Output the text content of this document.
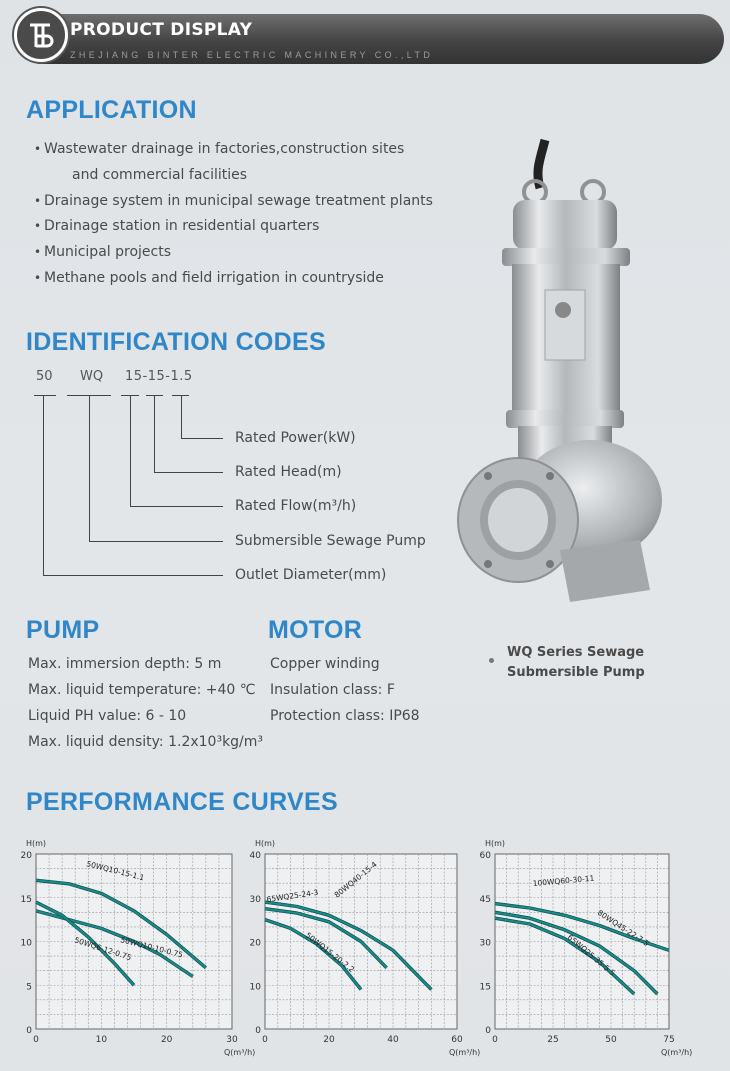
PRODUCT DISPLAY
ZHEJIANG BINTER ELECTRIC MACHINERY CO.,LTD
APPLICATION
• Wastewater drainage in factories,construction sites
and commercial facilities
• Drainage system in municipal sewage treatment plants
• Drainage station in residential quarters
• Municipal projects
• Methane pools and field irrigation in countryside
IDENTIFICATION CODES
50 WQ 15-15-1.5
Rated Power(kW)
Rated Head(m)
Rated Flow(m³/h)
Submersible Sewage Pump
Outlet Diameter(mm)
PUMP	MOTOR
Max. immersion depth: 5 m
Max. liquid temperature: +40 ℃
Liquid PH value: 6 - 10
Max. liquid density: 1.2x10³kg/m³
Copper winding
Insulation class: F
Protection class: IP68
WQ Series Sewage
Submersible Pump
PERFORMANCE CURVES
0
5
10
15
20
0	10	20	30
H(m)
Q(m³/h)
50WQ10-15-1.1
50WQ10-10-0.75
50WQ6-12-0.75
0
10
20
30
40
0	20	40	60
H(m)
Q(m³/h)
80WQ40-15-4
65WQ25-24-3
50WQ15-20-2.2
0
15
30
45
60
0	25	50	75
H(m)
Q(m³/h)
100WQ60-30-11
80WQ45-22-7.5
65WQ25-35-5.5
